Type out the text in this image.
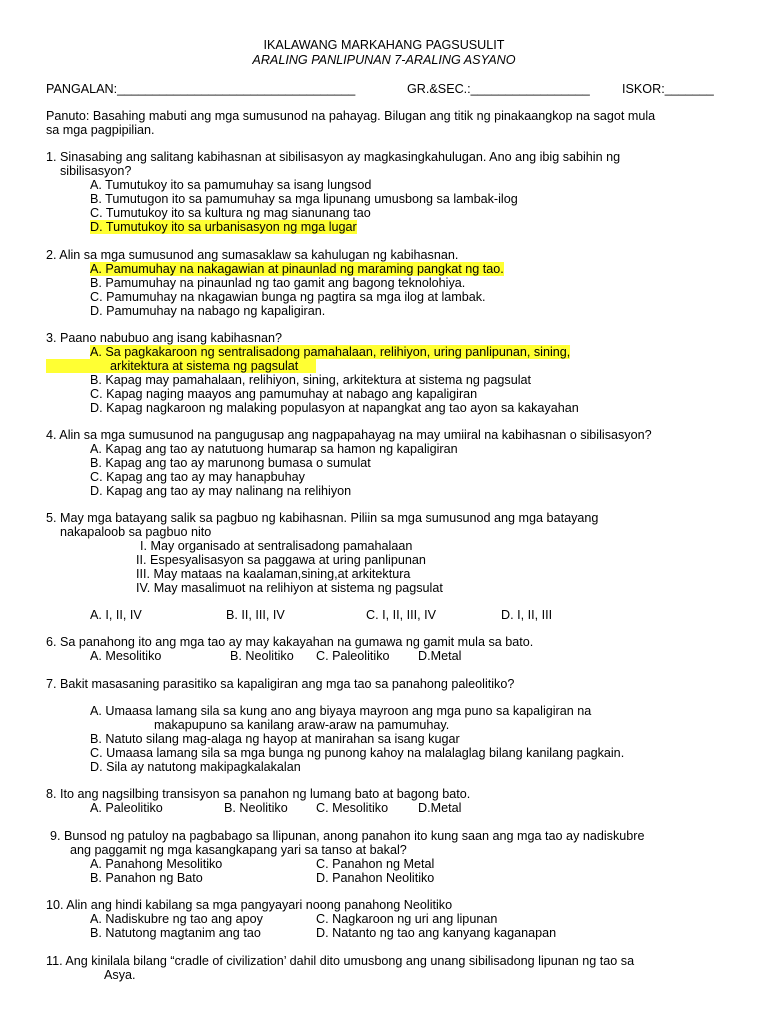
IKALAWANG MARKAHANG PAGSUSULIT
ARALING PANLIPUNAN 7-ARALING ASYANO
PANGALAN:__________________________________	GR.&SEC.:_________________	ISKOR:_______
Panuto: Basahing mabuti ang mga sumusunod na pahayag. Bilugan ang titik ng pinakaangkop na sagot mula
sa mga pagpipilian.
1. Sinasabing ang salitang kabihasnan at sibilisasyon ay magkasingkahulugan. Ano ang ibig sabihin ng
sibilisasyon?
A. Tumutukoy ito sa pamumuhay sa isang lungsod
B. Tumutugon ito sa pamumuhay sa mga lipunang umusbong sa lambak-ilog
C. Tumutukoy ito sa kultura ng mag sianunang tao
D. Tumutukoy ito sa urbanisasyon ng mga lugar
2. Alin sa mga sumusunod ang sumasaklaw sa kahulugan ng kabihasnan.
A. Pamumuhay na nakagawian at pinaunlad ng maraming pangkat ng tao.
B. Pamumuhay na pinaunlad ng tao gamit ang bagong teknolohiya.
C. Pamumuhay na nkagawian bunga ng pagtira sa mga ilog at lambak.
D. Pamumuhay na nabago ng kapaligiran.
3. Paano nabubuo ang isang kabihasnan?
A. Sa pagkakaroon ng sentralisadong pamahalaan, relihiyon, uring panlipunan, sining,
arkitektura at sistema ng pagsulat
B. Kapag may pamahalaan, relihiyon, sining, arkitektura at sistema ng pagsulat
C. Kapag naging maayos ang pamumuhay at nabago ang kapaligiran
D. Kapag nagkaroon ng malaking populasyon at napangkat ang tao ayon sa kakayahan
4. Alin sa mga sumusunod na pangugusap ang nagpapahayag na may umiiral na kabihasnan o sibilisasyon?
A. Kapag ang tao ay natutuong humarap sa hamon ng kapaligiran
B. Kapag ang tao ay marunong bumasa o sumulat
C. Kapag ang tao ay may hanapbuhay
D. Kapag ang tao ay may nalinang na relihiyon
5. May mga batayang salik sa pagbuo ng kabihasnan. Piliin sa mga sumusunod ang mga batayang
nakapaloob sa pagbuo nito
I. May organisado at sentralisadong pamahalaan
II. Espesyalisasyon sa paggawa at uring panlipunan
III. May mataas na kaalaman,sining,at arkitektura
IV. May masalimuot na relihiyon at sistema ng pagsulat
A. I, II, IV	B. II, III, IV	C. I, II, III, IV	D. I, II, III
6. Sa panahong ito ang mga tao ay may kakayahan na gumawa ng gamit mula sa bato.
A. Mesolitiko	B. Neolitiko C. Paleolitiko D.Metal
7. Bakit masasaning parasitiko sa kapaligiran ang mga tao sa panahong paleolitiko?
A. Umaasa lamang sila sa kung ano ang biyaya mayroon ang mga puno sa kapaligiran na
makapupuno sa kanilang araw-araw na pamumuhay.
B. Natuto silang mag-alaga ng hayop at manirahan sa isang kugar
C. Umaasa lamang sila sa mga bunga ng punong kahoy na malalaglag bilang kanilang pagkain.
D. Sila ay natutong makipagkalakalan
8. Ito ang nagsilbing transisyon sa panahon ng lumang bato at bagong bato.
A. Paleolitiko	B. Neolitiko C. Mesolitiko D.Metal
9. Bunsod ng patuloy na pagbabago sa llipunan, anong panahon ito kung saan ang mga tao ay nadiskubre
ang paggamit ng mga kasangkapang yari sa tanso at bakal?
A. Panahong Mesolitiko
B. Panahon ng Bato
C. Panahon ng Metal
D. Panahon Neolitiko
10. Alin ang hindi kabilang sa mga pangyayari noong panahong Neolitiko
A. Nadiskubre ng tao ang apoy
B. Natutong magtanim ang tao
C. Nagkaroon ng uri ang lipunan
D. Natanto ng tao ang kanyang kaganapan
11. Ang kinilala bilang “cradle of civilization’ dahil dito umusbong ang unang sibilisadong lipunan ng tao sa
Asya.
